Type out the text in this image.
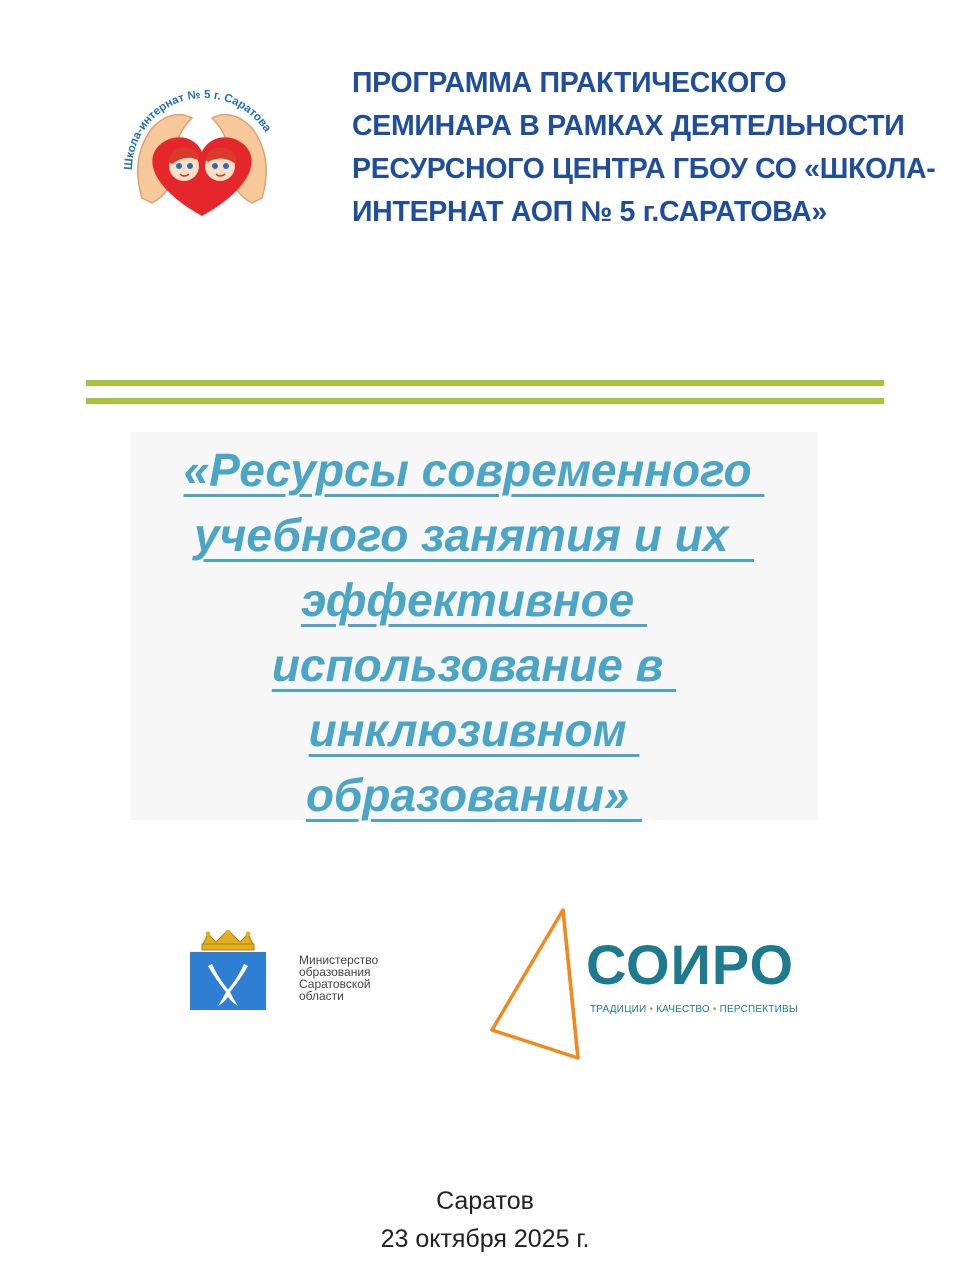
Школа-интернат № 5 г. Саратова
ПРОГРАММА ПРАКТИЧЕСКОГО
СЕМИНАРА В РАМКАХ ДЕЯТЕЛЬНОСТИ
РЕСУРСНОГО ЦЕНТРА ГБОУ СО «ШКОЛА-
ИНТЕРНАТ АОП № 5 г.САРАТОВА»
«Ресурсы современного
учебного занятия и их
эффективное
использование в
инклюзивном
образовании»
Министерство
образования
Саратовской
области	СОИРО
ТРАДИЦИИ • КАЧЕСТВО • ПЕРСПЕКТИВЫ
Саратов
23 октября 2025 г.
